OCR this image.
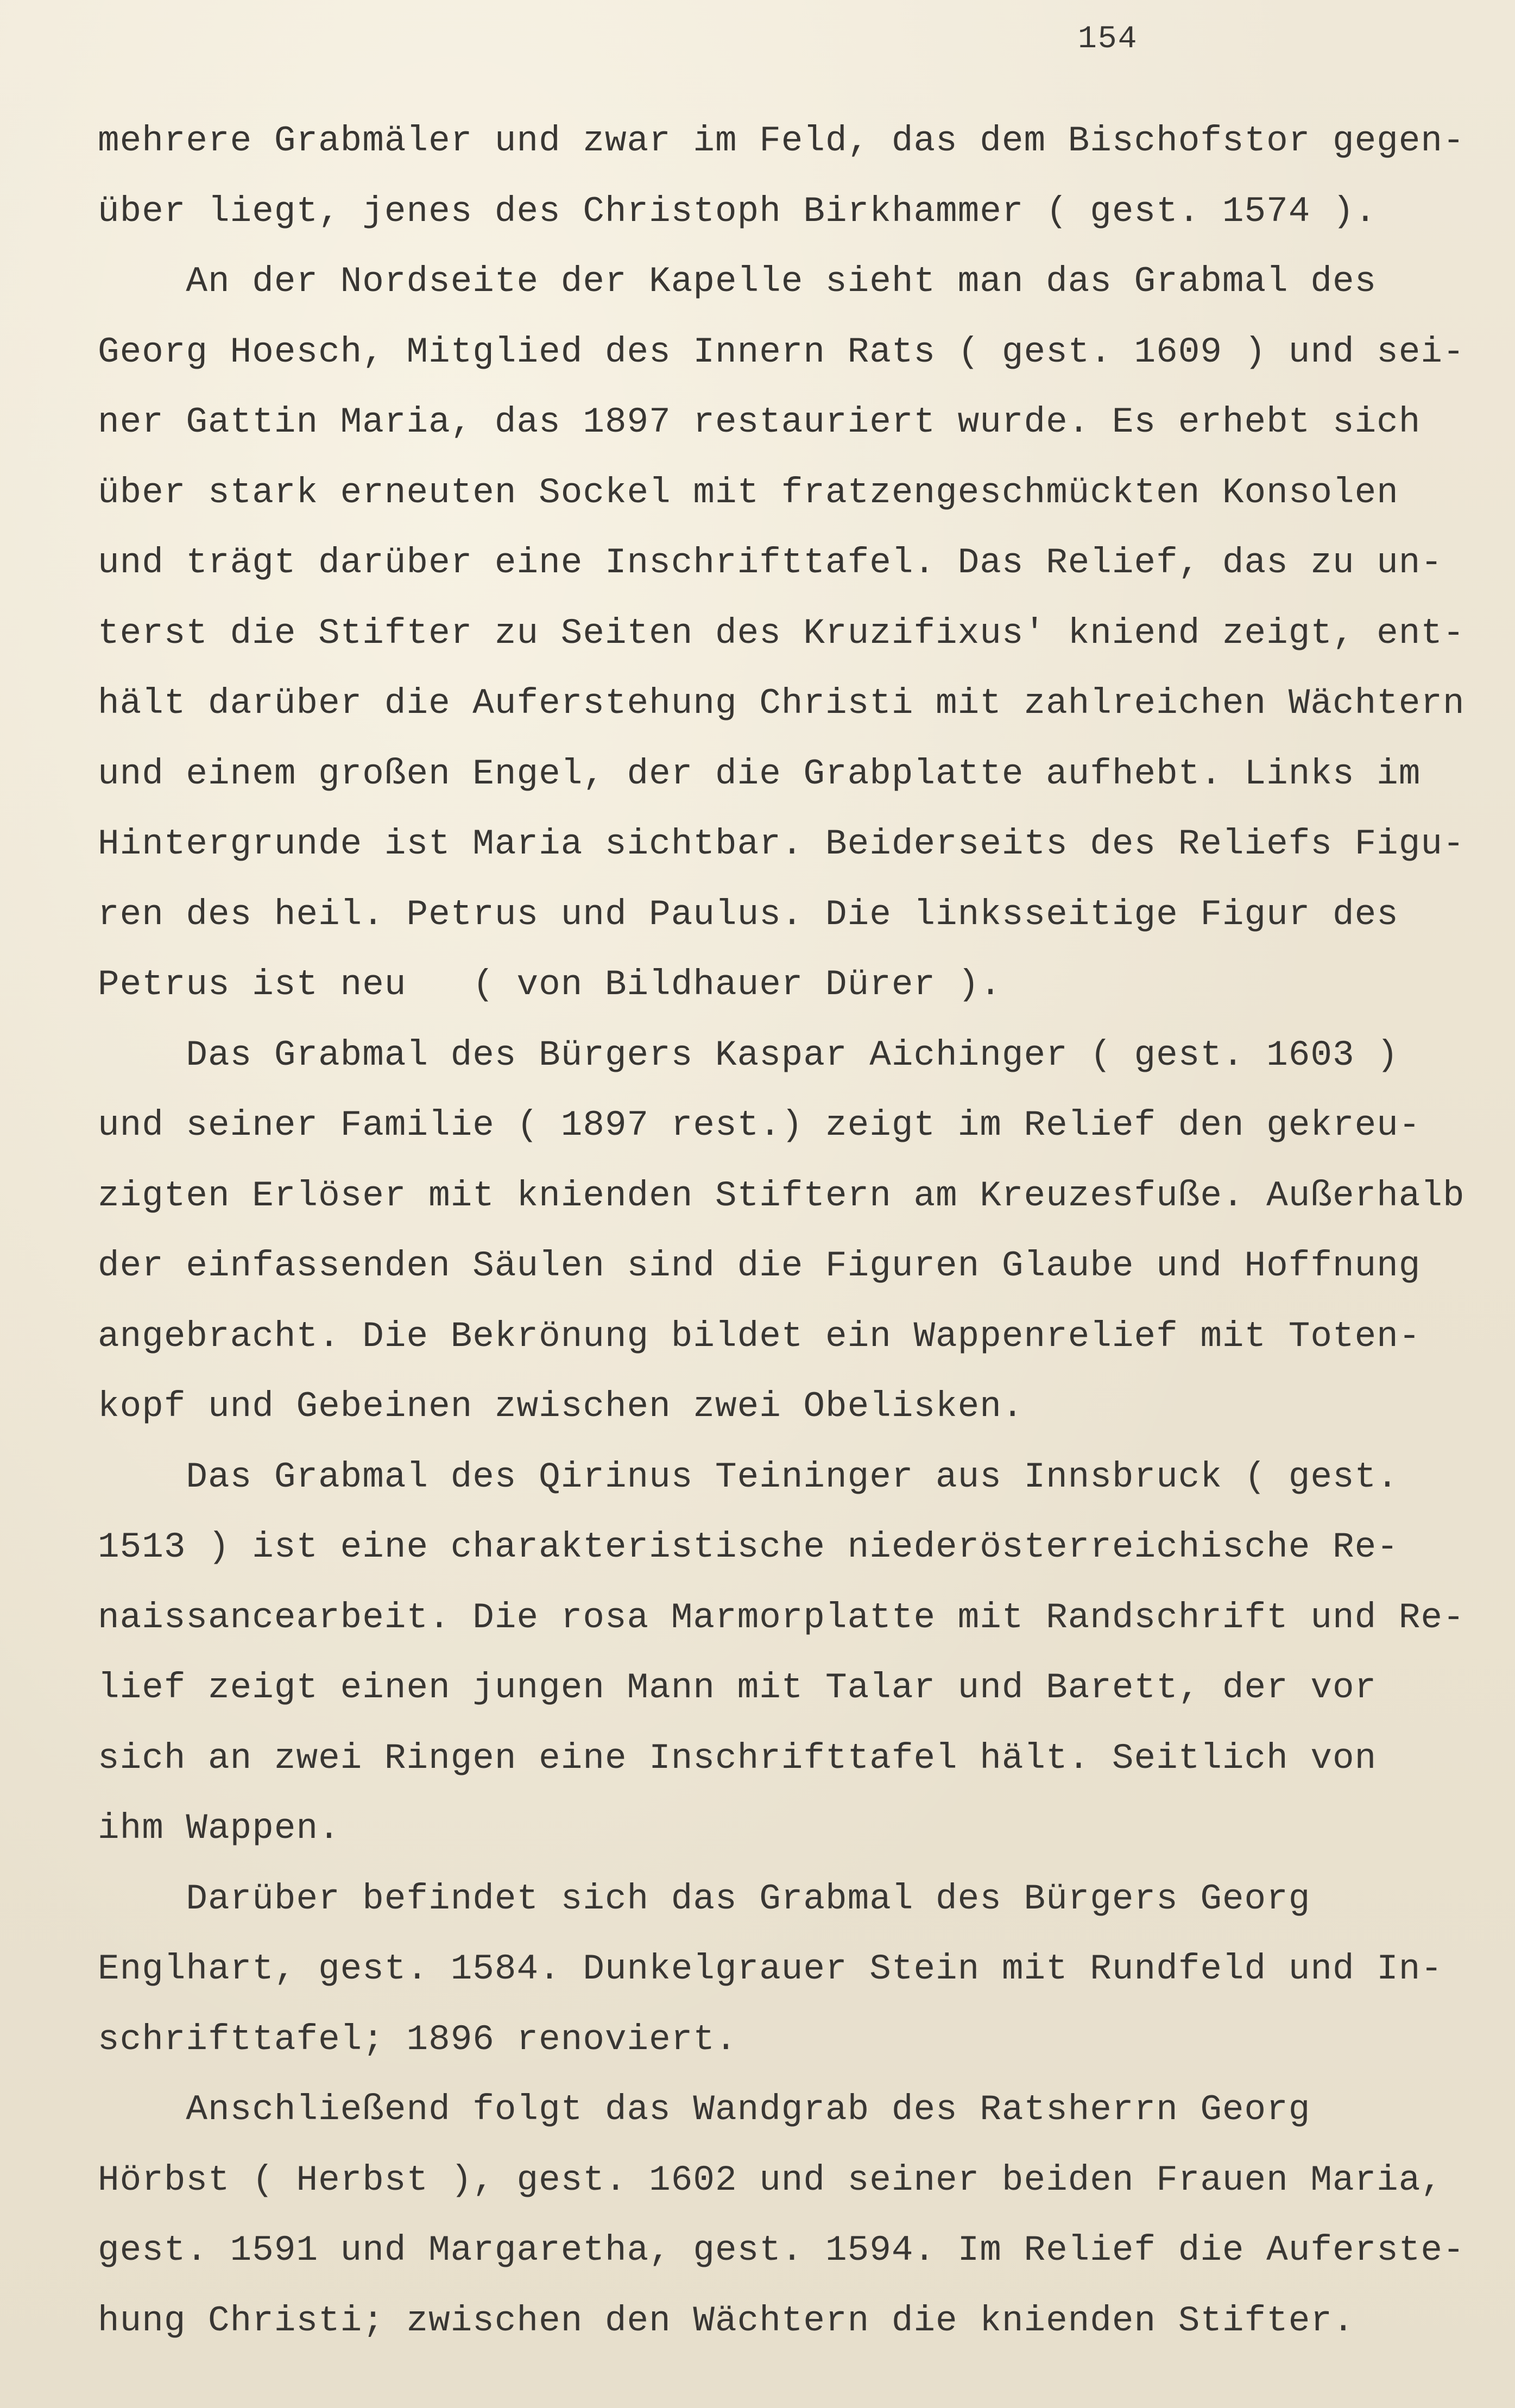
154
mehrere Grabmäler und zwar im Feld, das dem Bischofstor gegen-
über liegt, jenes des Christoph Birkhammer ( gest. 1574 ).
An der Nordseite der Kapelle sieht man das Grabmal des
Georg Hoesch, Mitglied des Innern Rats ( gest. 1609 ) und sei-
ner Gattin Maria, das 1897 restauriert wurde. Es erhebt sich
über stark erneuten Sockel mit fratzengeschmückten Konsolen
und trägt darüber eine Inschrifttafel. Das Relief, das zu un-
terst die Stifter zu Seiten des Kruzifixus' kniend zeigt, ent-
hält darüber die Auferstehung Christi mit zahlreichen Wächtern
und einem großen Engel, der die Grabplatte aufhebt. Links im
Hintergrunde ist Maria sichtbar. Beiderseits des Reliefs Figu-
ren des heil. Petrus und Paulus. Die linksseitige Figur des
Petrus ist neu   ( von Bildhauer Dürer ).
Das Grabmal des Bürgers Kaspar Aichinger ( gest. 1603 )
und seiner Familie ( 1897 rest.) zeigt im Relief den gekreu-
zigten Erlöser mit knienden Stiftern am Kreuzesfuße. Außerhalb
der einfassenden Säulen sind die Figuren Glaube und Hoffnung
angebracht. Die Bekrönung bildet ein Wappenrelief mit Toten-
kopf und Gebeinen zwischen zwei Obelisken.
Das Grabmal des Qirinus Teininger aus Innsbruck ( gest.
1513 ) ist eine charakteristische niederösterreichische Re-
naissancearbeit. Die rosa Marmorplatte mit Randschrift und Re-
lief zeigt einen jungen Mann mit Talar und Barett, der vor
sich an zwei Ringen eine Inschrifttafel hält. Seitlich von
ihm Wappen.
Darüber befindet sich das Grabmal des Bürgers Georg
Englhart, gest. 1584. Dunkelgrauer Stein mit Rundfeld und In-
schrifttafel; 1896 renoviert.
Anschließend folgt das Wandgrab des Ratsherrn Georg
Hörbst ( Herbst ), gest. 1602 und seiner beiden Frauen Maria,
gest. 1591 und Margaretha, gest. 1594. Im Relief die Auferste-
hung Christi; zwischen den Wächtern die knienden Stifter.
